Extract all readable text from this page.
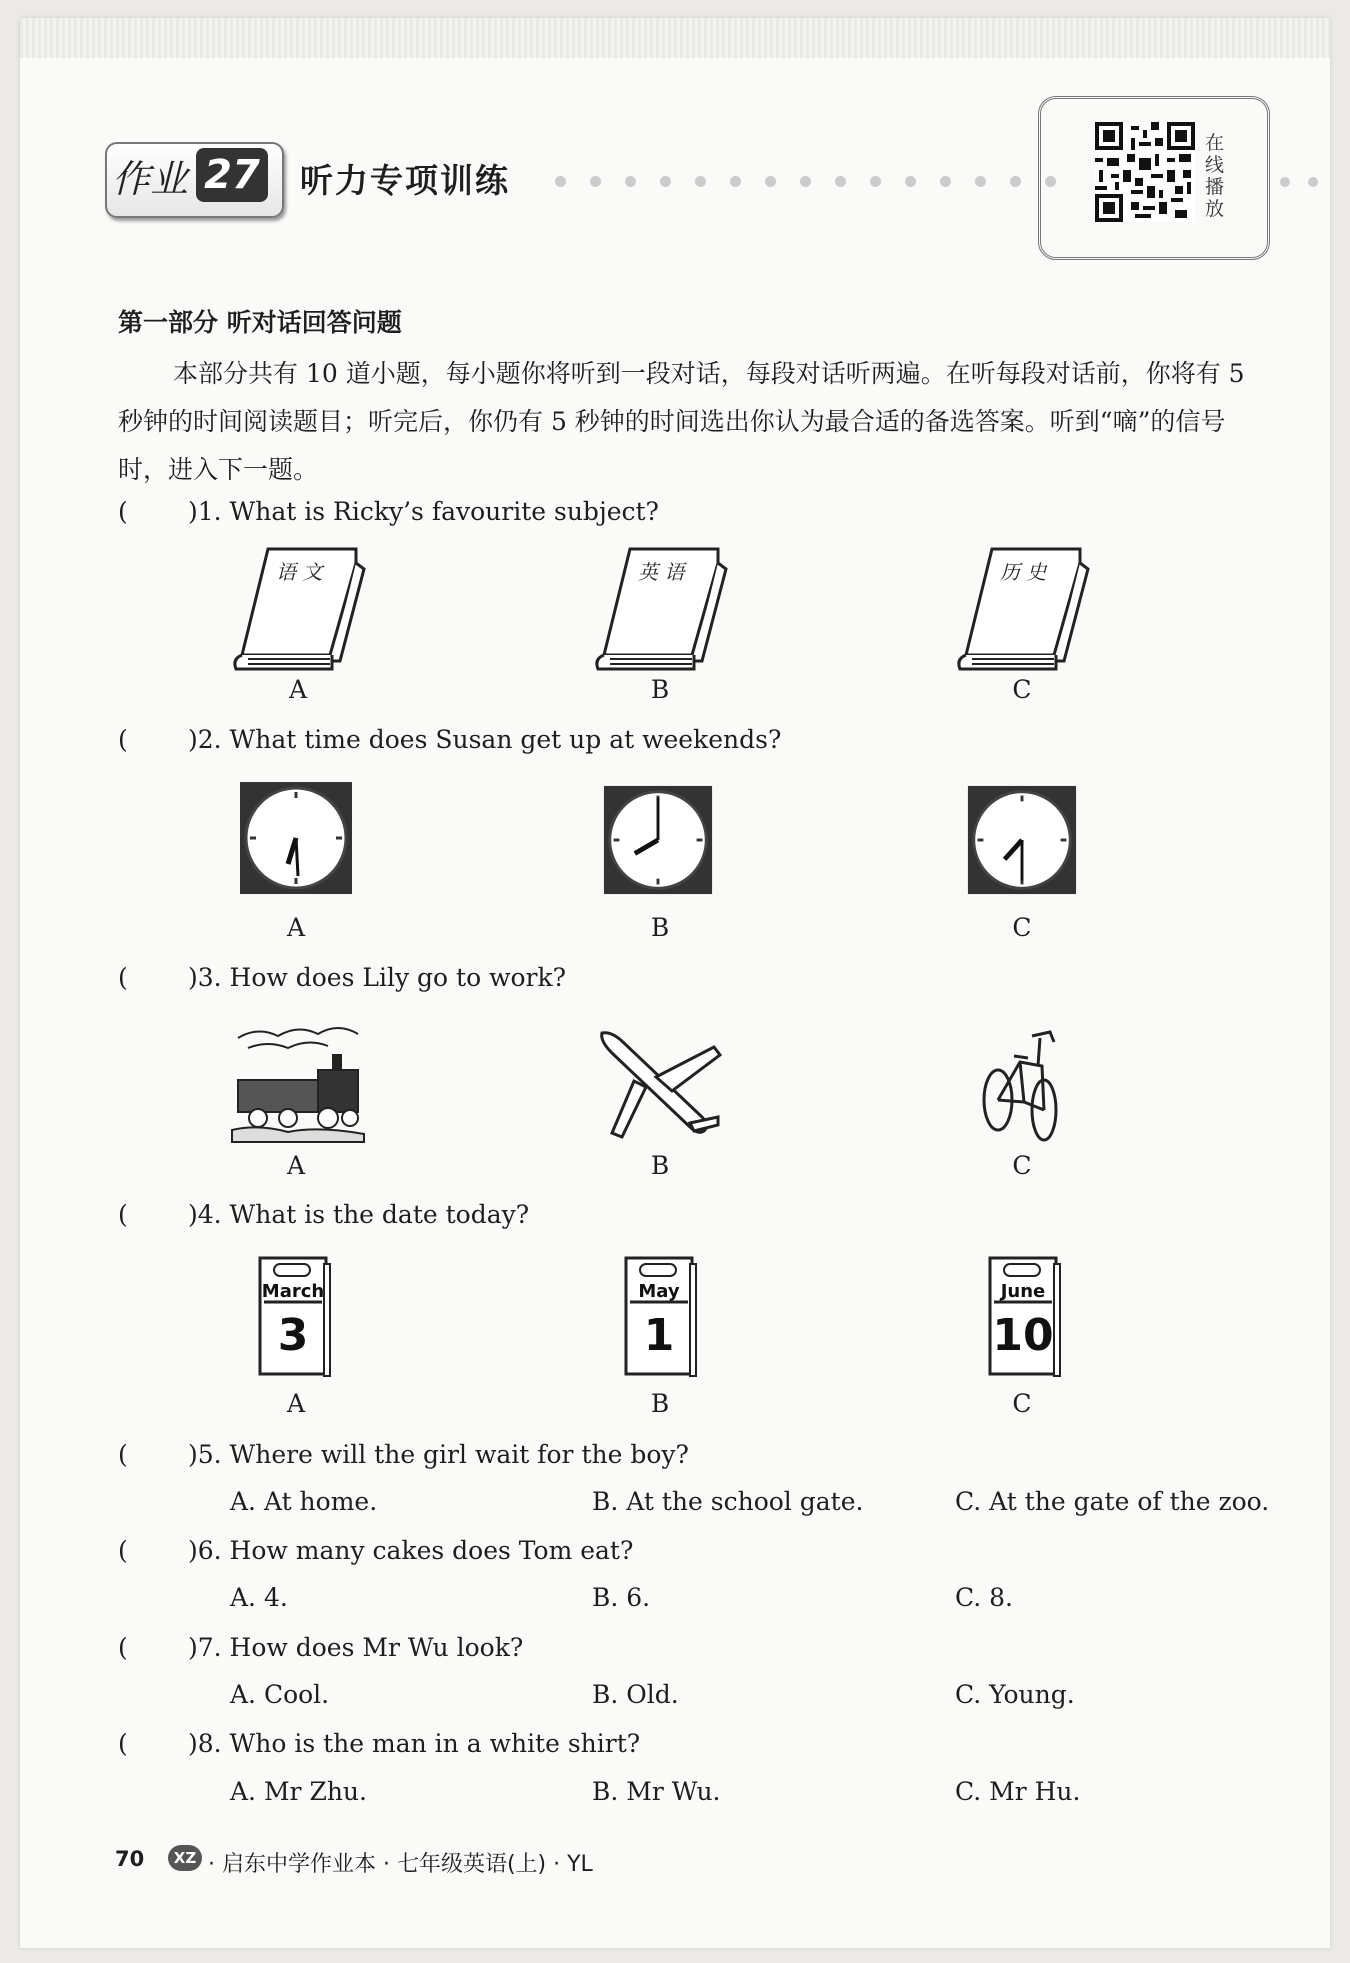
作业 27 听力专项训练
在线播放
第一部分 听对话回答问题
本部分共有 10 道小题，每小题你将听到一段对话，每段对话听两遍。在听每段对话前，你将有 5 秒钟的时间阅读题目；听完后，你仍有 5 秒钟的时间选出你认为最合适的备选答案。听到“嘀”的信号时，进入下一题。
( )1. What is Ricky’s favourite subject?
语 文	英 语	历 史
A	B	C
( )2. What time does Susan get up at weekends?
A	B	C
( )3. How does Lily go to work?
A	B	C
( )4. What is the date today?
March
3
May
1
June
10
A	B	C
( )5. Where will the girl wait for the boy?
A. At home.	B. At the school gate.	C. At the gate of the zoo.
( )6. How many cakes does Tom eat?
A. 4.	B. 6.	C. 8.
( )7. How does Mr Wu look?
A. Cool.	B. Old.	C. Young.
( )8. Who is the man in a white shirt?
A. Mr Zhu.	B. Mr Wu.	C. Mr Hu.
70	XZ · 启东中学作业本 · 七年级英语(上) · YL
